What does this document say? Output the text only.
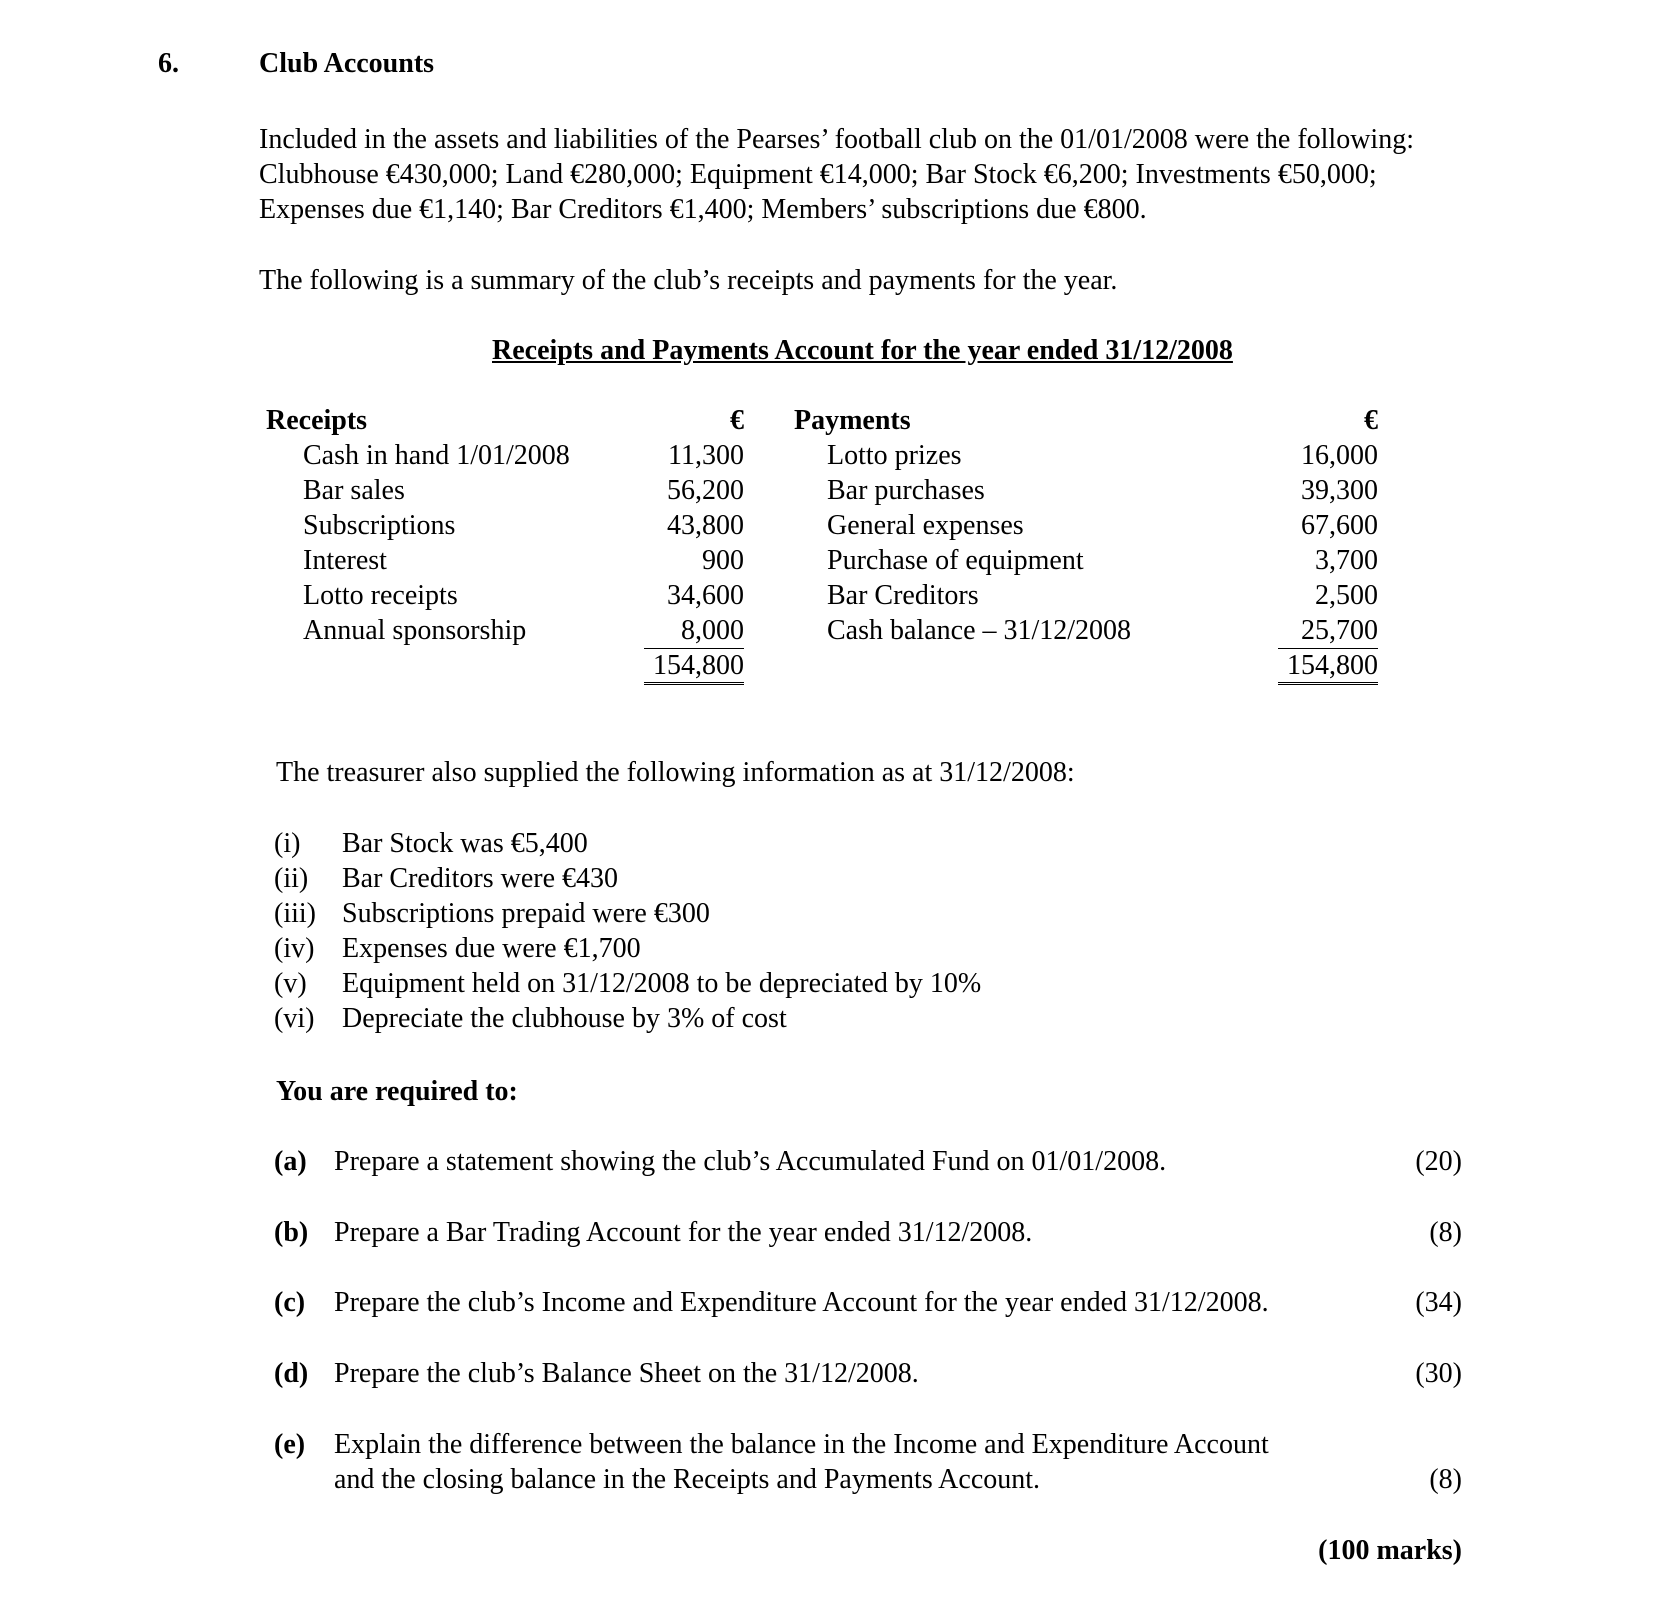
6.	Club Accounts
Included in the assets and liabilities of the Pearses’ football club on the 01/01/2008 were the following:
Clubhouse €430,000; Land €280,000; Equipment €14,000; Bar Stock €6,200; Investments €50,000;
Expenses due €1,140; Bar Creditors €1,400; Members’ subscriptions due €800.
The following is a summary of the club’s receipts and payments for the year.
Receipts and Payments Account for the year ended 31/12/2008
Receipts	€
Cash in hand 1/01/2008	11,300
Bar sales	56,200
Subscriptions	43,800
Interest	900
Lotto receipts	34,600
Annual sponsorship	8,000
154,800
Payments	€
Lotto prizes	16,000
Bar purchases	39,300
General expenses	67,600
Purchase of equipment	3,700
Bar Creditors	2,500
Cash balance – 31/12/2008	25,700
154,800
The treasurer also supplied the following information as at 31/12/2008:
(i) Bar Stock was €5,400
(ii) Bar Creditors were €430
(iii) Subscriptions prepaid were €300
(iv) Expenses due were €1,700
(v) Equipment held on 31/12/2008 to be depreciated by 10%
(vi) Depreciate the clubhouse by 3% of cost
You are required to:
(a) Prepare a statement showing the club’s Accumulated Fund on 01/01/2008.	(20)
(b) Prepare a Bar Trading Account for the year ended 31/12/2008.	(8)
(c) Prepare the club’s Income and Expenditure Account for the year ended 31/12/2008.	(34)
(d) Prepare the club’s Balance Sheet on the 31/12/2008.	(30)
(e) Explain the difference between the balance in the Income and Expenditure Account
and the closing balance in the Receipts and Payments Account.	(8)
(100 marks)
